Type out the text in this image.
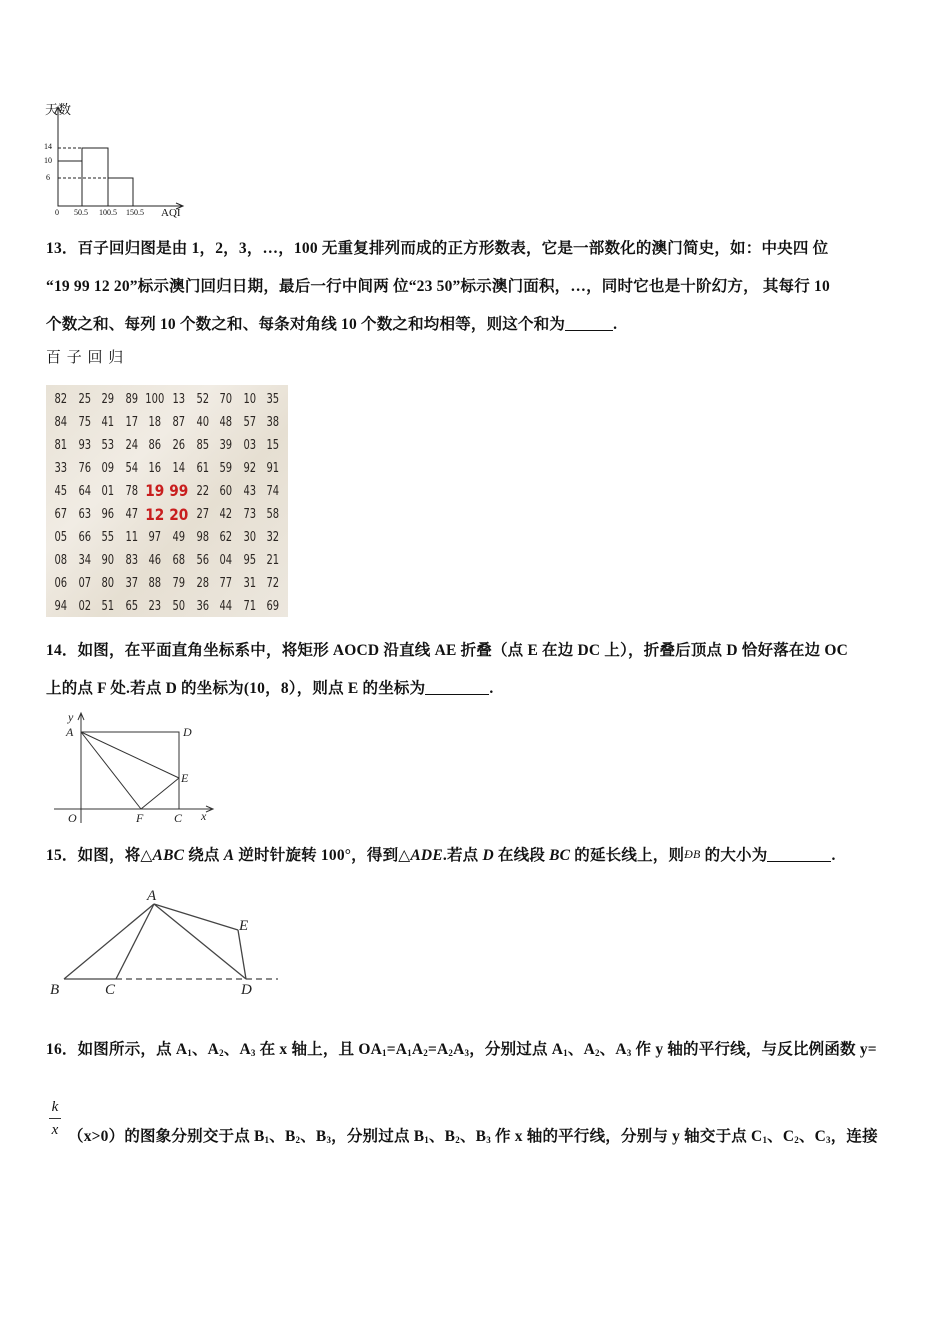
天数
14
10
6
0 50.5 100.5 150.5 AQI
13．百子回归图是由 1，2，3，…，100 无重复排列而成的正方形数表，它是一部数化的澳门简史，如：中央四 位
“19 99 12 20”标示澳门回归日期，最后一行中间两 位“23 50”标示澳门面积，…，同时它也是十阶幻方， 其每行 10
个数之和、每列 10 个数之和、每条对角线 10 个数之和均相等，则这个和为	.
百 子 回 归
82	25	29	89	100	13	52	70	10	35
84	75	41	17	18	87	40	48	57	38
81	93	53	24	86	26	85	39	03	15
33	76	09	54	16	14	61	59	92	91
45	64	01	78	19	99	22	60	43	74
67	63	96	47	12	20	27	42	73	58
05	66	55	11	97	49	98	62	30	32
08	34	90	83	46	68	56	04	95	21
06	07	80	37	88	79	28	77	31	72
94	02	51	65	23	50	36	44	71	69
14．如图，在平面直角坐标系中，将矩形 AOCD 沿直线 AE 折叠（点 E 在边 DC 上），折叠后顶点 D 恰好落在边 OC
上的点 F 处.若点 D 的坐标为(10，8），则点 E 的坐标为	.
y
A	D
E
O	F	C x
15．如图，将△ABC 绕点 A 逆时针旋转 100°，得到△ADE.若点 D 在线段 BC 的延长线上，则ÐB 的大小为	.
A
B	C	D
E
16．如图所示，点 $A_1$、$A_2$、$A_3$ 在 x 轴上，且 $OA_1=A_1A_2=A_2A_3$，分别过点 $A_1$、$A_2$、$A_3$ 作 y 轴的平行线，与反比例函数 y=
k
x （x>0）的图象分别交于点 $B_1$、$B_2$、$B_3$，分别过点 $B_1$、$B_2$、$B_3$ 作 x 轴的平行线，分别与 y 轴交于点 $C_1$、$C_2$、$C_3$，连接
